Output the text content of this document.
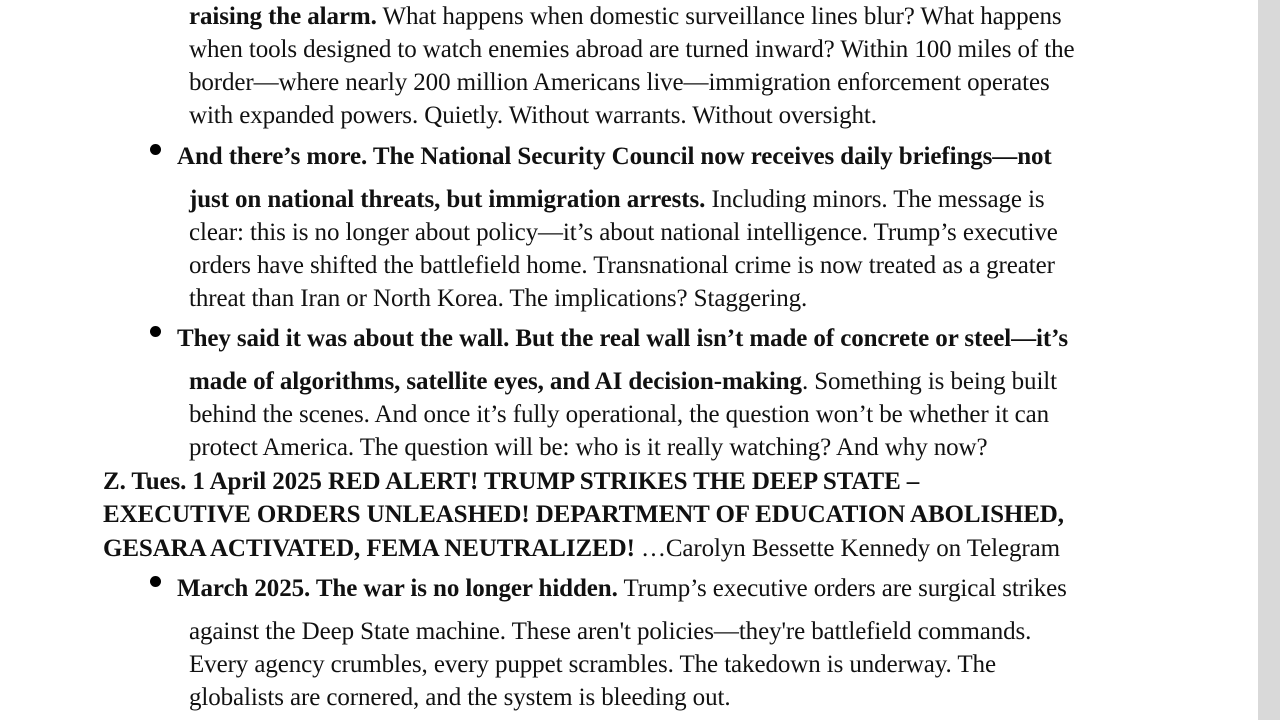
raising the alarm. What happens when domestic surveillance lines blur? What happens
when tools designed to watch enemies abroad are turned inward? Within 100 miles of the
border—where nearly 200 million Americans live—immigration enforcement operates
with expanded powers. Quietly. Without warrants. Without oversight.
And there’s more. The National Security Council now receives daily briefings—not
just on national threats, but immigration arrests. Including minors. The message is
clear: this is no longer about policy—it’s about national intelligence. Trump’s executive
orders have shifted the battlefield home. Transnational crime is now treated as a greater
threat than Iran or North Korea. The implications? Staggering.
They said it was about the wall. But the real wall isn’t made of concrete or steel—it’s
made of algorithms, satellite eyes, and AI decision-making. Something is being built
behind the scenes. And once it’s fully operational, the question won’t be whether it can
protect America. The question will be: who is it really watching? And why now?
Z. Tues. 1 April 2025 RED ALERT! TRUMP STRIKES THE DEEP STATE –
EXECUTIVE ORDERS UNLEASHED! DEPARTMENT OF EDUCATION ABOLISHED,
GESARA ACTIVATED, FEMA NEUTRALIZED! …Carolyn Bessette Kennedy on Telegram
March 2025. The war is no longer hidden. Trump’s executive orders are surgical strikes
against the Deep State machine. These aren't policies—they're battlefield commands.
Every agency crumbles, every puppet scrambles. The takedown is underway. The
globalists are cornered, and the system is bleeding out.
